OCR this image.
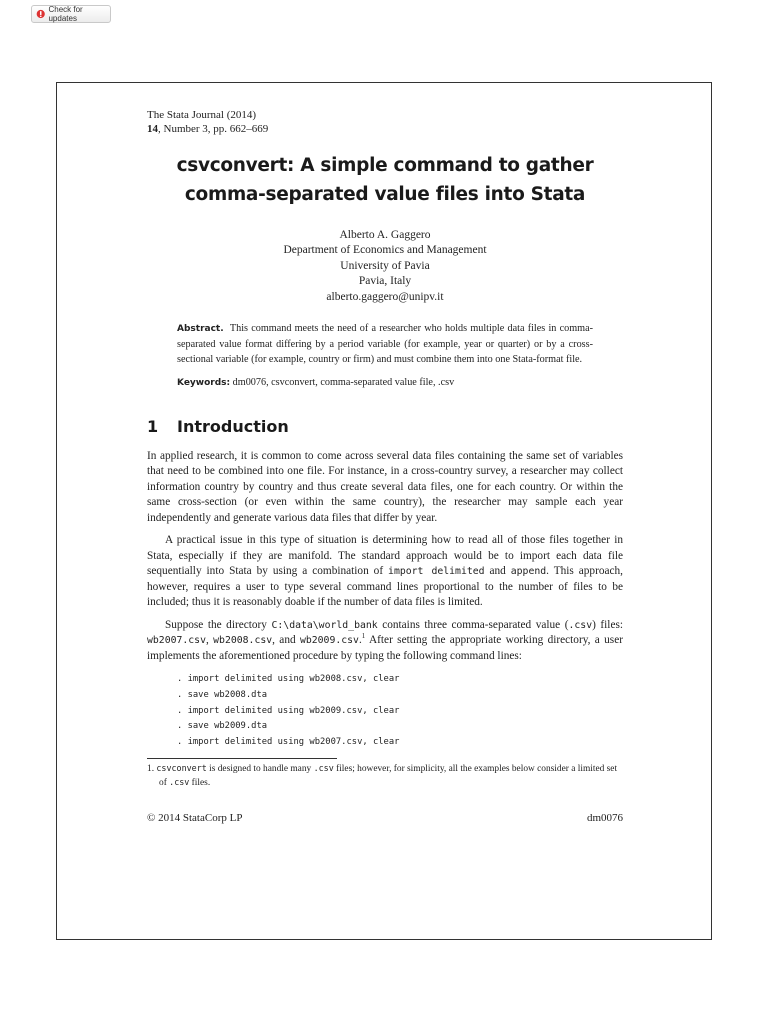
Check for updates
The Stata Journal (2014)
14, Number 3, pp. 662–669
csvconvert: A simple command to gather
comma-separated value files into Stata
Alberto A. Gaggero
Department of Economics and Management
University of Pavia
Pavia, Italy
alberto.gaggero@unipv.it
Abstract. This command meets the need of a researcher who holds multiple data files in comma-separated value format differing by a period variable (for example, year or quarter) or by a cross-sectional variable (for example, country or firm) and must combine them into one Stata-format file.
Keywords: dm0076, csvconvert, comma-separated value file, .csv
1 Introduction

In applied research, it is common to come across several data files containing the same set of variables that need to be combined into one file. For instance, in a cross-country survey, a researcher may collect information country by country and thus create several data files, one for each country. Or within the same cross-section (or even within the same country), the researcher may sample each year independently and generate various data files that differ by year.

A practical issue in this type of situation is determining how to read all of those files together in Stata, especially if they are manifold. The standard approach would be to import each data file sequentially into Stata by using a combination of import delimited and append. This approach, however, requires a user to type several command lines proportional to the number of files to be included; thus it is reasonably doable if the number of data files is limited.

Suppose the directory C:\data\world_bank contains three comma-separated value (.csv) files: wb2007.csv, wb2008.csv, and wb2009.csv.$^1$ After setting the appropriate working directory, a user implements the aforementioned procedure by typing the following command lines:

. import delimited using wb2008.csv, clear
. save wb2008.dta
. import delimited using wb2009.csv, clear
. save wb2009.dta
. import delimited using wb2007.csv, clear
1. csvconvert is designed to handle many .csv files; however, for simplicity, all the examples below consider a limited set of .csv files.
© 2014 StataCorp LP	dm0076
